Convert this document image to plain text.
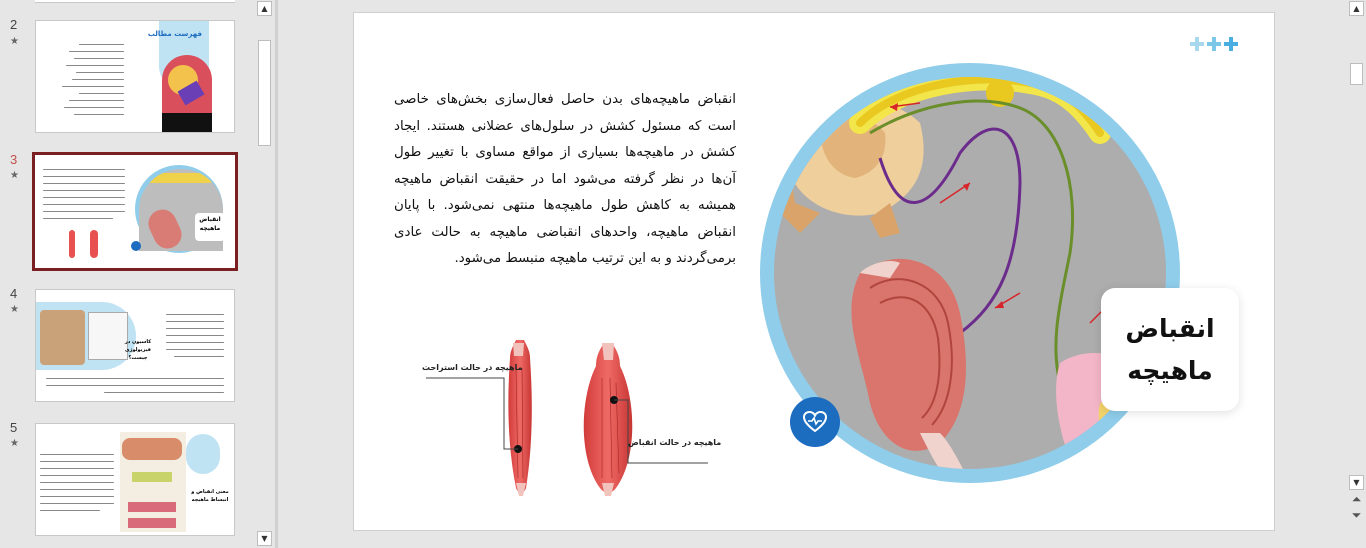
2
★
فهرست مطالب
3
★
انقباض ماهیچه
4
★
کاسیون در فیزیولوژی چیست؟
5
★
معنی انقباض و انبساط ماهیچه
▲
▼
انقباض ماهیچه‌های بدن حاصل فعال‌سازی بخش‌های خاصی است که مسئول کشش در سلول‌های عضلانی هستند. ایجاد کشش در ماهیچه‌ها بسیاری از مواقع مساوی با تغییر طول آن‌ها در نظر گرفته می‌شود اما در حقیقت انقباض ماهیچه همیشه به کاهش طول ماهیچه‌ها منتهی نمی‌شود. با پایان انقباض ماهیچه، واحدهای انقباضی ماهیچه به حالت عادی برمی‌گردند و به این ترتیب ماهیچه منبسط می‌شود.
ماهیچه در حالت استراحت
ماهیچه در حالت انقباض
انقباض
ماهیچه
▲
▼
⏶
⏷
